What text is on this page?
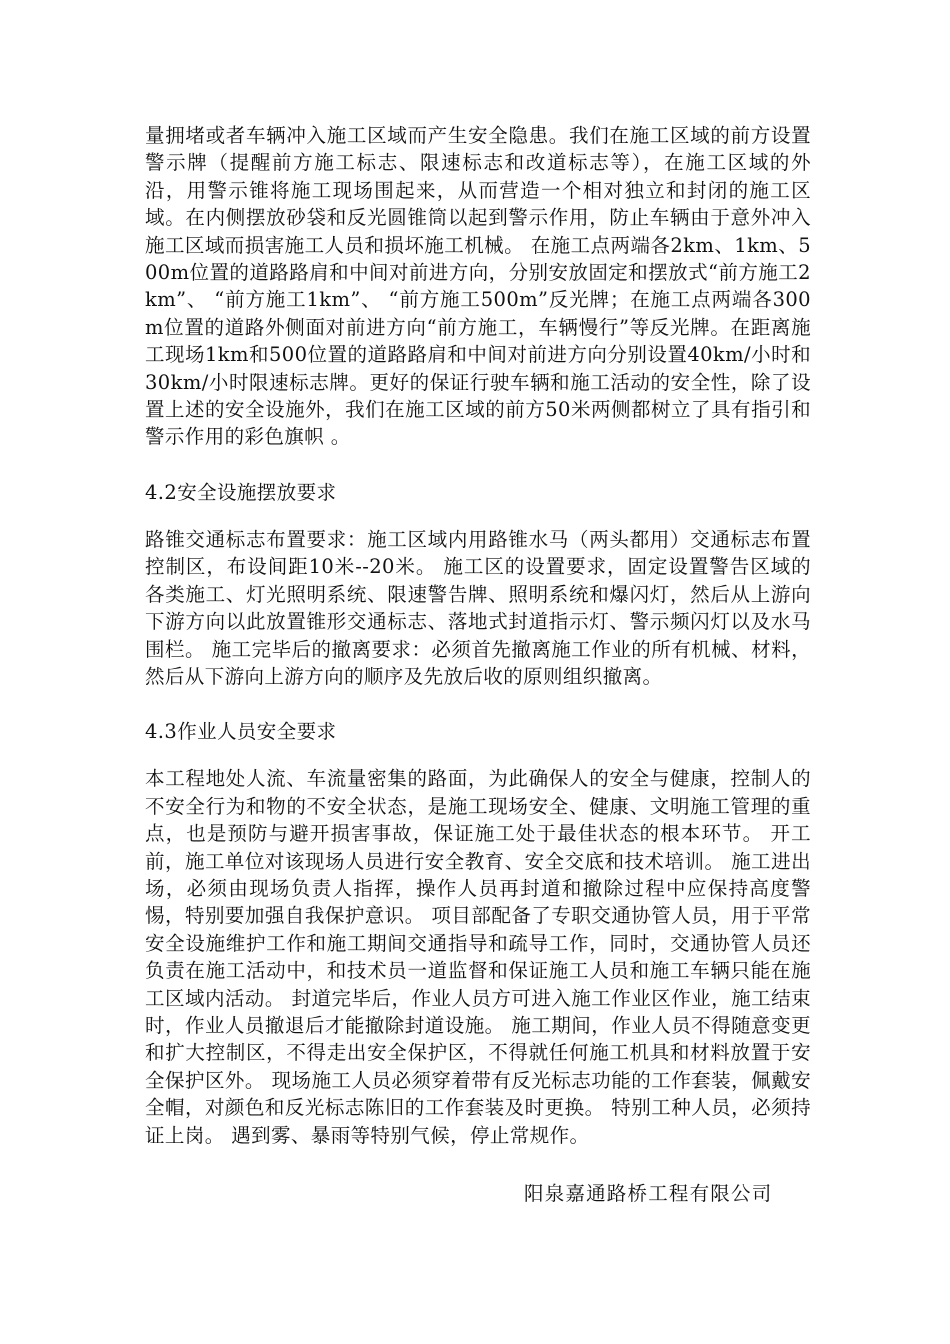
量拥堵或者车辆冲入施工区域而产生安全隐患。我们在施工区域的前方设置警示牌（提醒前方施工标志、限速标志和改道标志等），在施工区域的外沿，用警示锥将施工现场围起来，从而营造一个相对独立和封闭的施工区域。在内侧摆放砂袋和反光圆锥筒以起到警示作用，防止车辆由于意外冲入施工区域而损害施工人员和损坏施工机械。 在施工点两端各2km、1km、500m位置的道路路肩和中间对前进方向，分别安放固定和摆放式“前方施工2km”、 “前方施工1km”、 “前方施工500m”反光牌；在施工点两端各300m位置的道路外侧面对前进方向“前方施工，车辆慢行”等反光牌。在距离施工现场1km和500位置的道路路肩和中间对前进方向分别设置40km/小时和30km/小时限速标志牌。更好的保证行驶车辆和施工活动的安全性，除了设置上述的安全设施外，我们在施工区域的前方50米两侧都树立了具有指引和警示作用的彩色旗帜 。

4.2安全设施摆放要求

路锥交通标志布置要求：施工区域内用路锥水马（两头都用）交通标志布置控制区，布设间距10米--20米。 施工区的设置要求，固定设置警告区域的各类施工、灯光照明系统、限速警告牌、照明系统和爆闪灯，然后从上游向下游方向以此放置锥形交通标志、落地式封道指示灯、警示频闪灯以及水马围栏。 施工完毕后的撤离要求：必须首先撤离施工作业的所有机械、材料，然后从下游向上游方向的顺序及先放后收的原则组织撤离。

4.3作业人员安全要求

本工程地处人流、车流量密集的路面，为此确保人的安全与健康，控制人的不安全行为和物的不安全状态，是施工现场安全、健康、文明施工管理的重点，也是预防与避开损害事故，保证施工处于最佳状态的根本环节。 开工前，施工单位对该现场人员进行安全教育、安全交底和技术培训。 施工进出场，必须由现场负责人指挥，操作人员再封道和撤除过程中应保持高度警惕，特别要加强自我保护意识。 项目部配备了专职交通协管人员，用于平常安全设施维护工作和施工期间交通指导和疏导工作，同时，交通协管人员还负责在施工活动中，和技术员一道监督和保证施工人员和施工车辆只能在施工区域内活动。 封道完毕后，作业人员方可进入施工作业区作业，施工结束时，作业人员撤退后才能撤除封道设施。 施工期间，作业人员不得随意变更和扩大控制区，不得走出安全保护区，不得就任何施工机具和材料放置于安全保护区外。 现场施工人员必须穿着带有反光标志功能的工作套装，佩戴安全帽，对颜色和反光标志陈旧的工作套装及时更换。 特别工种人员，必须持证上岗。 遇到雾、暴雨等特别气候，停止常规作。

阳泉嘉通路桥工程有限公司
